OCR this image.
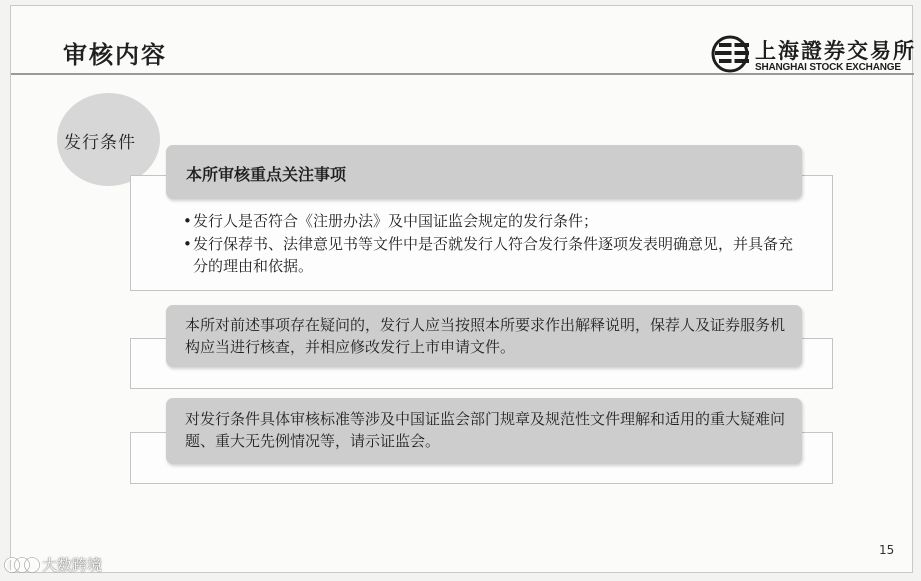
审核内容	上海證券交易所
SHANGHAI STOCK EXCHANGE
15
发行条件
本所审核重点关注事项

• 发行人是否符合《注册办法》及中国证监会规定的发行条件；

• 发行保荐书、法律意见书等文件中是否就发行人符合发行条件逐项发表明确意见，并具备充分的理由和依据。

本所对前述事项存在疑问的，发行人应当按照本所要求作出解释说明，保荐人及证券服务机构应当进行核查，并相应修改发行上市申请文件。
对发行条件具体审核标准等涉及中国证监会部门规章及规范性文件理解和适用的重大疑难问题、重大无先例情况等，请示证监会。
大数跨境
